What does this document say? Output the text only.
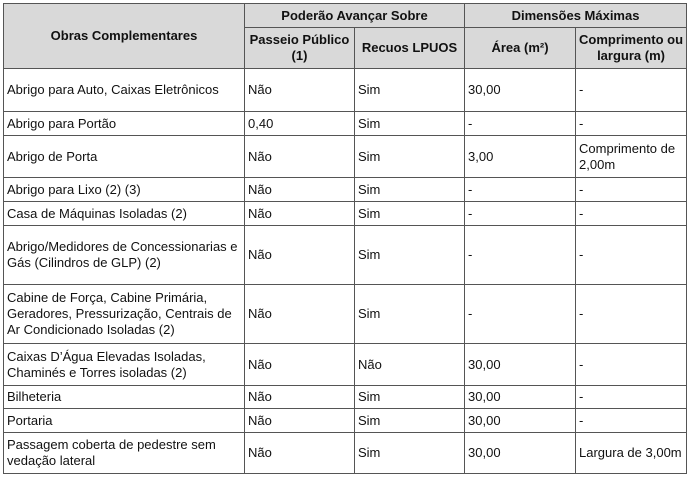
Obras Complementares	Poderão Avançar Sobre		Dimensões Máximas	
	Passeio Público (1)	Recuos LPUOS	Área (m²)	Comprimento ou largura (m)
Abrigo para Auto, Caixas Eletrônicos	Não	Sim	30,00	-
Abrigo para Portão	0,40	Sim	-	-
Abrigo de Porta	Não	Sim	3,00	Comprimento de 2,00m
Abrigo para Lixo (2) (3)	Não	Sim	-	-
Casa de Máquinas Isoladas (2)	Não	Sim	-	-
Abrigo/Medidores de Concessionarias e Gás (Cilindros de GLP) (2)	Não	Sim	-	-
Cabine de Força, Cabine Primária, Geradores, Pressurização, Centrais de Ar Condicionado Isoladas (2)	Não	Sim	-	-
Caixas D’Água Elevadas Isoladas, Chaminés e Torres isoladas (2)	Não	Não	30,00	-
Bilheteria	Não	Sim	30,00	-
Portaria	Não	Sim	30,00	-
Passagem coberta de pedestre sem vedação lateral	Não	Sim	30,00	Largura de 3,00m
